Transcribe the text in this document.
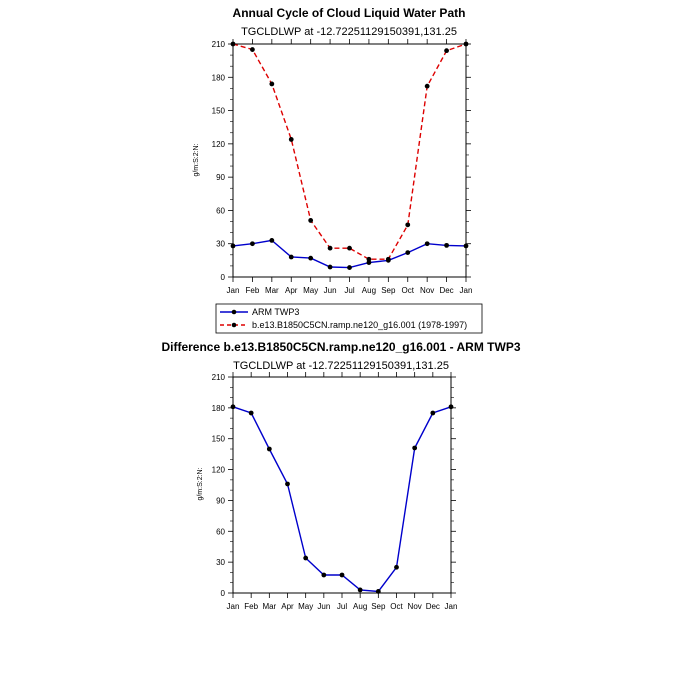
Annual Cycle of Cloud Liquid Water Path
TGCLDLWP at -12.72251129150391,131.25
g/m:S:2:N:
0
30
60
90
120
150
180
210
Jan Feb Mar Apr May Jun Jul Aug Sep Oct Nov Dec Jan
ARM TWP3
b.e13.B1850C5CN.ramp.ne120_g16.001 (1978-1997)
Difference b.e13.B1850C5CN.ramp.ne120_g16.001 - ARM TWP3
TGCLDLWP at -12.72251129150391,131.25
g/m:S:2:N:
0
30
60
90
120
150
180
210
Jan Feb Mar Apr May Jun Jul Aug Sep Oct Nov Dec Jan
